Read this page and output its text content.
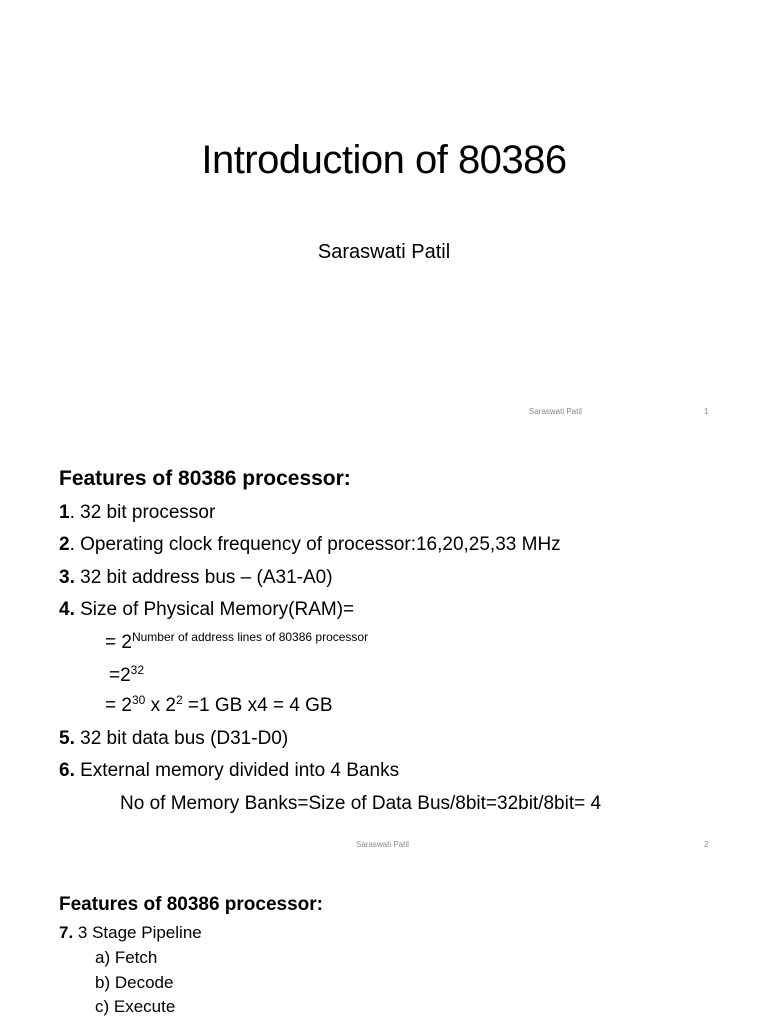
Introduction of 80386
Saraswati Patil
Saraswati Patil	1
Features of 80386 processor:
1. 32 bit processor
2. Operating clock frequency of processor:16,20,25,33 MHz
3. 32 bit address bus – (A31-A0)
4. Size of Physical Memory(RAM)=
= $2^{Number of address lines of 80386 processor}$
$=2^{32}$
= $2^{30}$ x $2^2 =1$ GB x4 = 4 GB
5. 32 bit data bus (D31-D0)
6. External memory divided into 4 Banks
No of Memory Banks=Size of Data Bus/8bit=32bit/8bit= 4
Saraswati Patil	2
Features of 80386 processor:
7. 3 Stage Pipeline
a) Fetch
b) Decode
c) Execute
